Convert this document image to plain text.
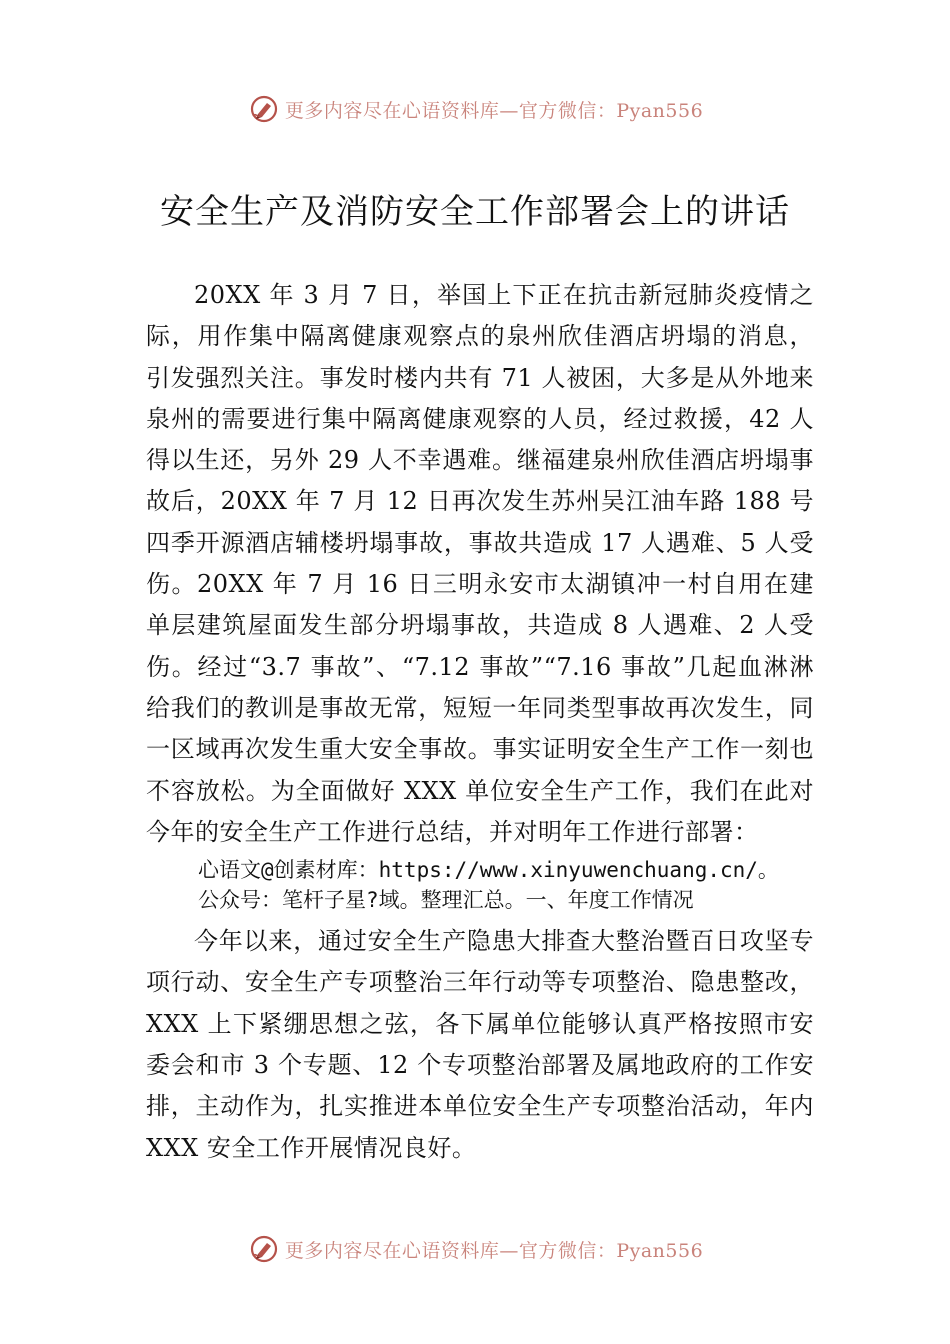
更多内容尽在心语资料库—官方微信：Pyan556
安全生产及消防安全工作部署会上的讲话

20XX 年 3 月 7 日，举国上下正在抗击新冠肺炎疫情之际，用作集中隔离健康观察点的泉州欣佳酒店坍塌的消息， 引发强烈关注。事发时楼内共有 71 人被困，大多是从外地来泉州的需要进行集中隔离健康观察的人员，经过救援，42 人得以生还，另外 29 人不幸遇难。继福建泉州欣佳酒店坍塌事故后，20XX 年 7 月 12 日再次发生苏州吴江油车路 188 号四季开源酒店辅楼坍塌事故，事故共造成 17 人遇难、5 人受伤。20XX 年 7 月 16 日三明永安市太湖镇冲一村自用在建单层建筑屋面发生部分坍塌事故，共造成 8 人遇难、2 人受伤。经过“3.7 事故”、“7.12 事故”“7.16 事故”几起血淋淋给我们的教训是事故无常，短短一年同类型事故再次发生，同一区域再次发生重大安全事故。事实证明安全生产工作一刻也不容放松。为全面做好 XXX 单位安全生产工作，我们在此对今年的安全生产工作进行总结，并对明年工作进行部署：

心语文@创素材库：https://www.xinyuwenchuang.cn/。
公众号：笔杆子星?域。整理汇总。一、年度工作情况

今年以来，通过安全生产隐患大排查大整治暨百日攻坚专项行动、安全生产专项整治三年行动等专项整治、隐患整改，XXX 上下紧绷思想之弦，各下属单位能够认真严格按照市安委会和市 3 个专题、12 个专项整治部署及属地政府的工作安排，主动作为，扎实推进本单位安全生产专项整治活动，年内 XXX 安全工作开展情况良好。

更多内容尽在心语资料库—官方微信：Pyan556
